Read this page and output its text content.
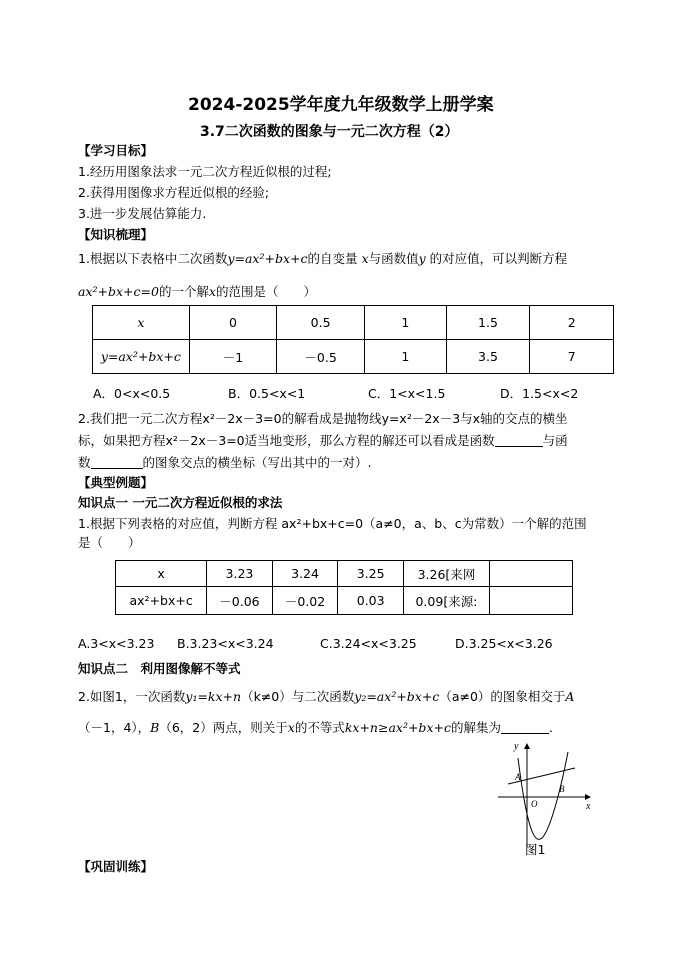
2024-2025学年度九年级数学上册学案
3.7二次函数的图象与一元二次方程（2）
【学习目标】
1.经历用图象法求一元二次方程近似根的过程;
2.获得用图像求方程近似根的经验;
3.进一步发展估算能力.
【知识梳理】
1.根据以下表格中二次函数y=ax²+bx+c的自变量 x与函数值y 的对应值，可以判断方程
ax²+bx+c=0的一个解x的范围是（　　）
x	0	0.5	1	1.5	2
y=ax²+bx+c	－1	－0.5	1	3.5	7
A．0<x<0.5	B．0.5<x<1	C．1<x<1.5	D．1.5<x<2
2.我们把一元二次方程x²－2x－3=0的解看成是抛物线y=x²－2x－3与x轴的交点的横坐
标，如果把方程x²－2x－3=0适当地变形，那么方程的解还可以看成是函数	与函
数	的图象交点的横坐标（写出其中的一对）.
【典型例题】
知识点一 一元二次方程近似根的求法
1.根据下列表格的对应值，判断方程 ax²+bx+c=0（a≠0，a、b、c为常数）一个解的范围
是（　　）
x	3.23	3.24	3.25	3.26[来网	
ax²+bx+c	－0.06	－0.02	0.03	0.09[来源:	
A.3<x<3.23 B.3.23<x<3.24	C.3.24<x<3.25	D.3.25<x<3.26
知识点二　利用图像解不等式
2.如图1，一次函数y₁=kx+n（k≠0）与二次函数y₂=ax²+bx+c（a≠0）的图象相交于A
（－1，4），B（6，2）两点，则关于x的不等式kx+n≥ax²+bx+c的解集为	.
y
x
A
O
B
图1
【巩固训练】
